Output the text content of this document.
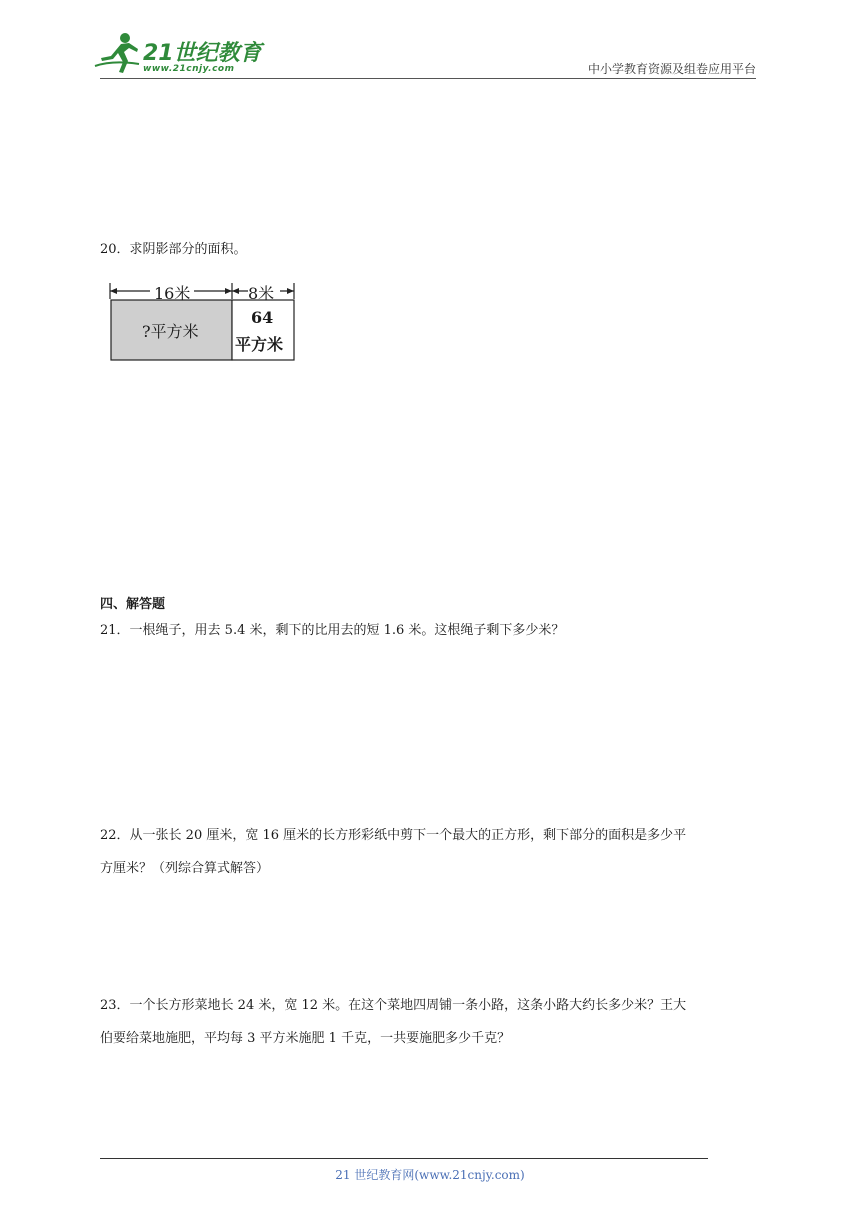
21世纪教育
www.21cnjy.com	中小学教育资源及组卷应用平台
20．求阴影部分的面积。
16米	8米
?平方米
64
平方米
四、解答题
21．一根绳子，用去 5.4 米，剩下的比用去的短 1.6 米。这根绳子剩下多少米？
22．从一张长 20 厘米，宽 16 厘米的长方形彩纸中剪下一个最大的正方形，剩下部分的面积是多少平
方厘米？（列综合算式解答）
23．一个长方形菜地长 24 米，宽 12 米。在这个菜地四周铺一条小路，这条小路大约长多少米？王大
伯要给菜地施肥，平均每 3 平方米施肥 1 千克，一共要施肥多少千克？
21 世纪教育网(www.21cnjy.com)
